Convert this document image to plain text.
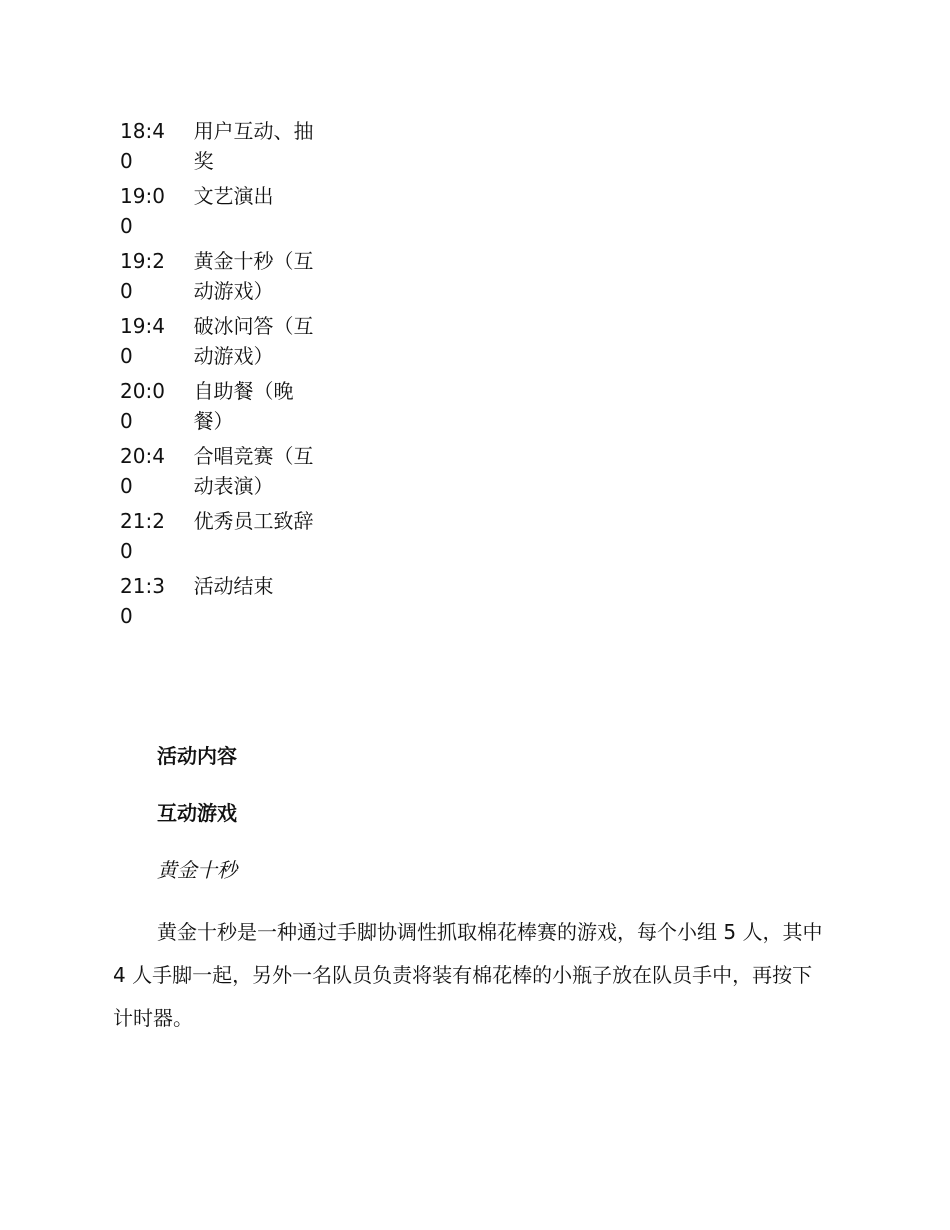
18:40	用户互动、抽奖
19:00	文艺演出
19:20	黄金十秒（互动游戏）
19:40	破冰问答（互动游戏）
20:00	自助餐（晚餐）
20:40	合唱竞赛（互动表演）
21:20	优秀员工致辞
21:30	活动结束
活动内容
互动游戏
黄金十秒

黄金十秒是一种通过手脚协调性抓取棉花棒赛的游戏，每个小组 5 人，其中 4 人手脚一起，另外一名队员负责将装有棉花棒的小瓶子放在队员手中，再按下计时器。
